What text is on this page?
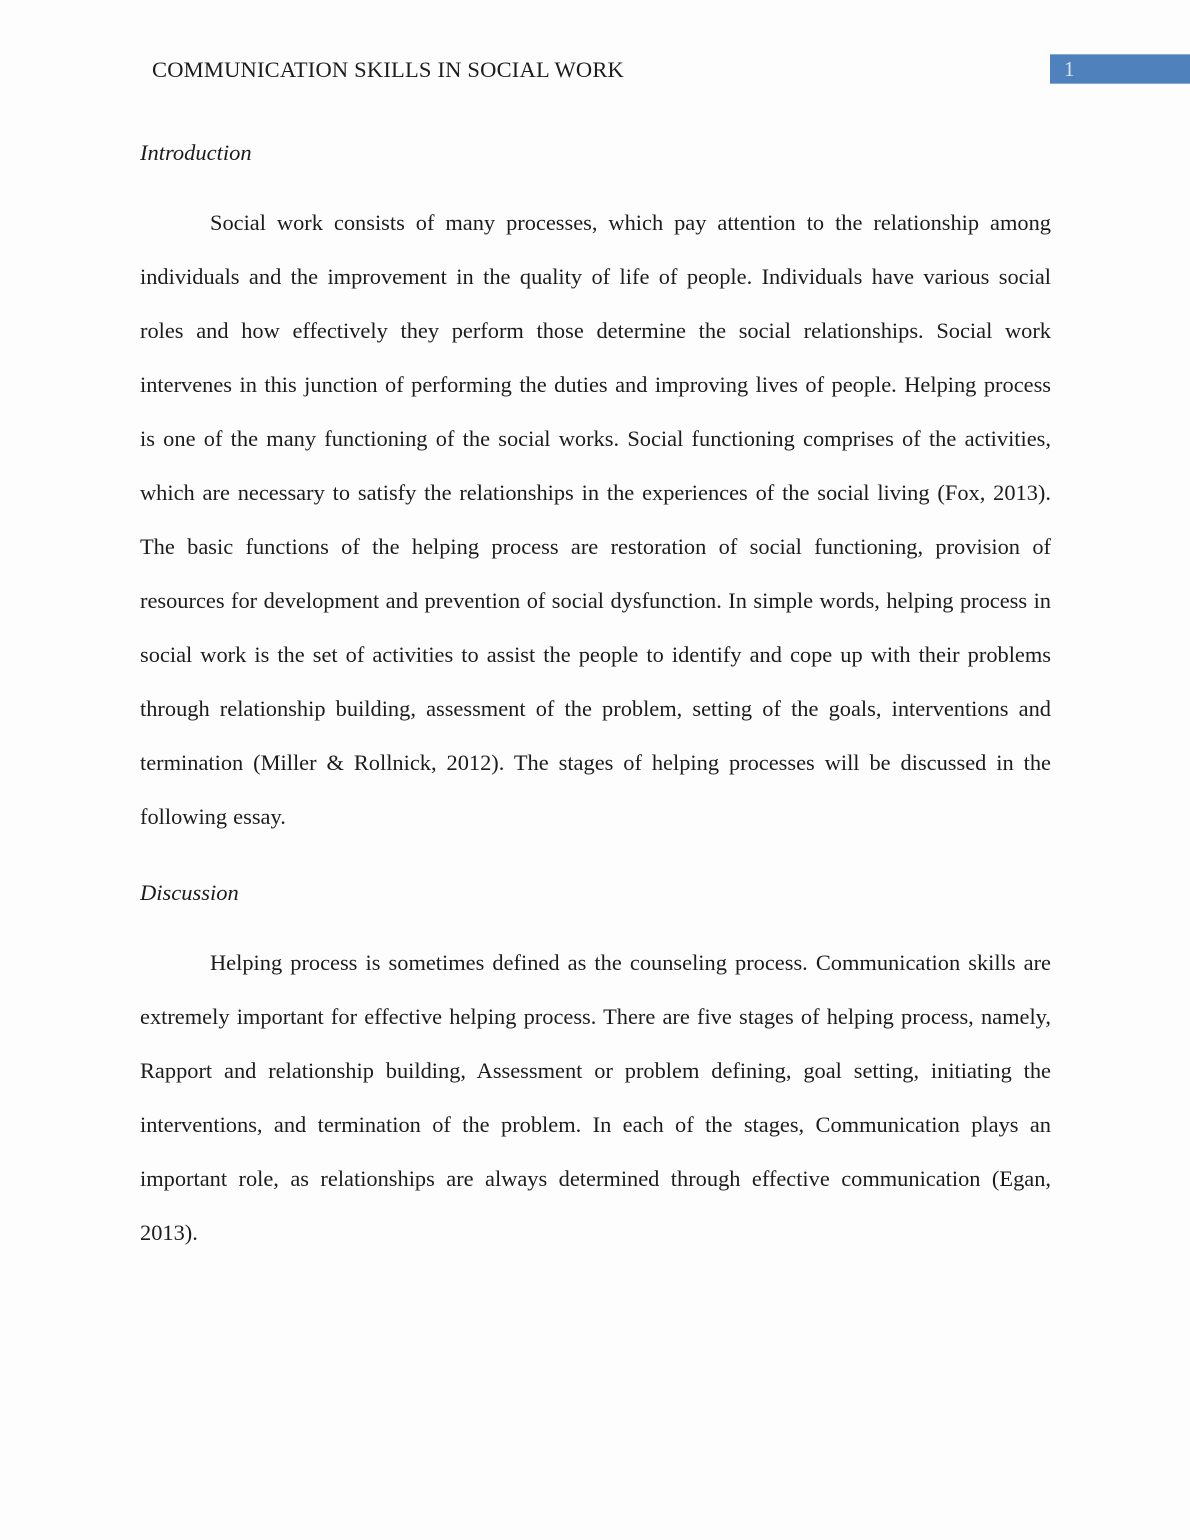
COMMUNICATION SKILLS IN SOCIAL WORK	1
Introduction

Social work consists of many processes, which pay attention to the relationship among individuals and the improvement in the quality of life of people. Individuals have various social roles and how effectively they perform those determine the social relationships. Social work intervenes in this junction of performing the duties and improving lives of people. Helping process is one of the many functioning of the social works. Social functioning comprises of the activities, which are necessary to satisfy the relationships in the experiences of the social living (Fox, 2013). The basic functions of the helping process are restoration of social functioning, provision of resources for development and prevention of social dysfunction. In simple words, helping process in social work is the set of activities to assist the people to identify and cope up with their problems through relationship building, assessment of the problem, setting of the goals, interventions and termination (Miller & Rollnick, 2012). The stages of helping processes will be discussed in the following essay.

Discussion

Helping process is sometimes defined as the counseling process. Communication skills are extremely important for effective helping process. There are five stages of helping process, namely, Rapport and relationship building, Assessment or problem defining, goal setting, initiating the interventions, and termination of the problem. In each of the stages, Communication plays an important role, as relationships are always determined through effective communication (Egan, 2013).
